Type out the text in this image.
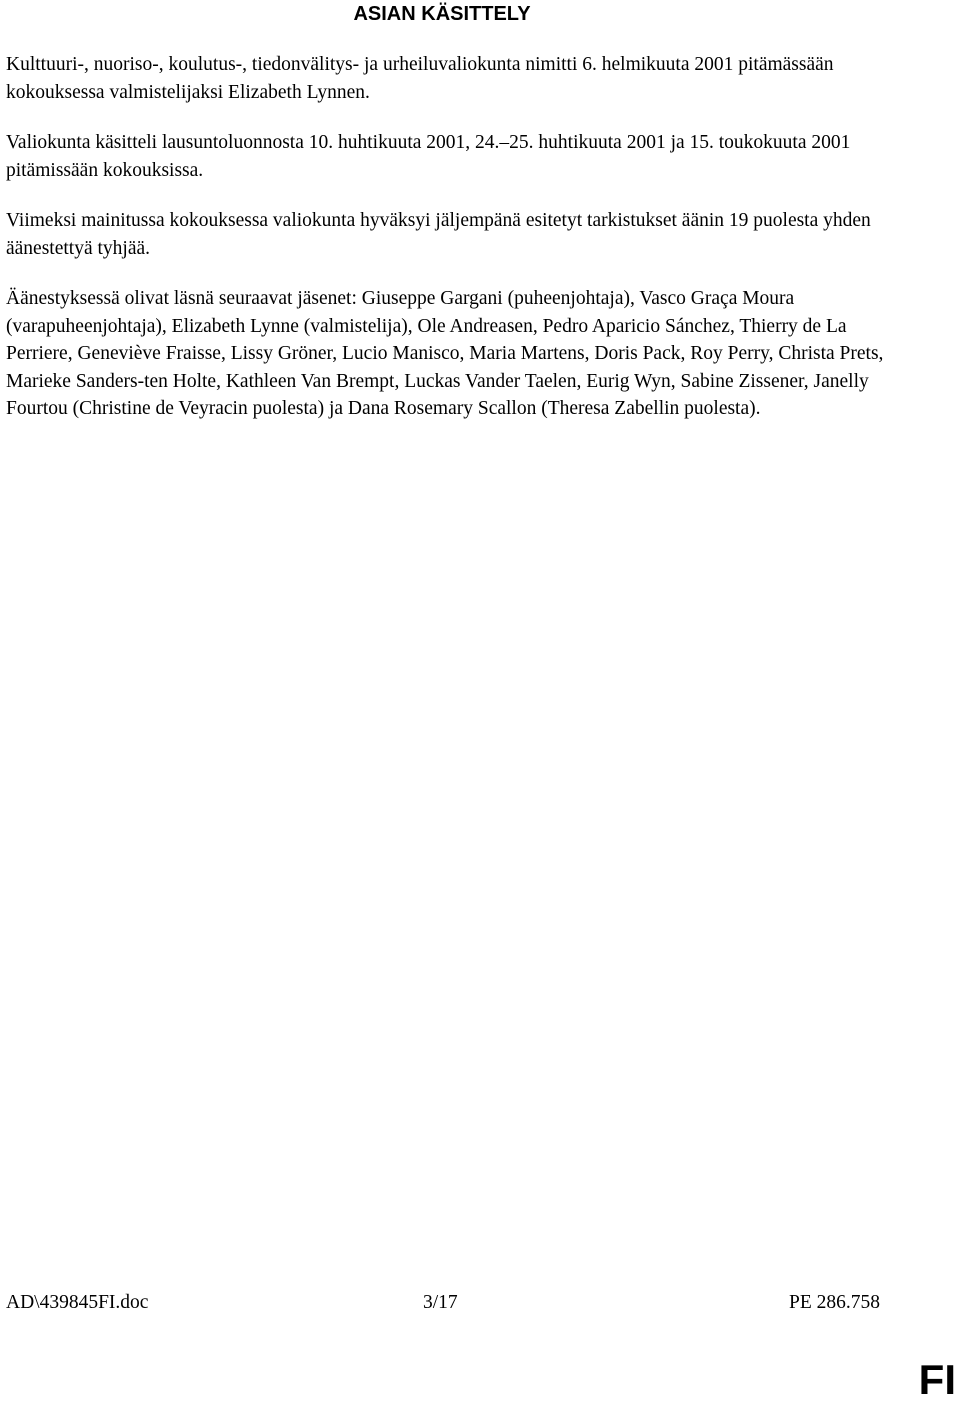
ASIAN KÄSITTELY

Kulttuuri-, nuoriso-, koulutus-, tiedonvälitys- ja urheiluvaliokunta nimitti 6. helmikuuta 2001 pitämässään kokouksessa valmistelijaksi Elizabeth Lynnen.

Valiokunta käsitteli lausuntoluonnosta 10. huhtikuuta 2001, 24.–25. huhtikuuta 2001 ja 15. toukokuuta 2001 pitämissään kokouksissa.

Viimeksi mainitussa kokouksessa valiokunta hyväksyi jäljempänä esitetyt tarkistukset äänin 19 puolesta yhden äänestettyä tyhjää.

Äänestyksessä olivat läsnä seuraavat jäsenet: Giuseppe Gargani (puheenjohtaja), Vasco Graça Moura (varapuheenjohtaja), Elizabeth Lynne (valmistelija), Ole Andreasen, Pedro Aparicio Sánchez, Thierry de La Perriere, Geneviève Fraisse, Lissy Gröner, Lucio Manisco, Maria Martens, Doris Pack, Roy Perry, Christa Prets, Marieke Sanders-ten Holte, Kathleen Van Brempt, Luckas Vander Taelen, Eurig Wyn, Sabine Zissener, Janelly Fourtou (Christine de Veyracin puolesta) ja Dana Rosemary Scallon (Theresa Zabellin puolesta).

AD\439845FI.doc	3/17	PE 286.758
FI
